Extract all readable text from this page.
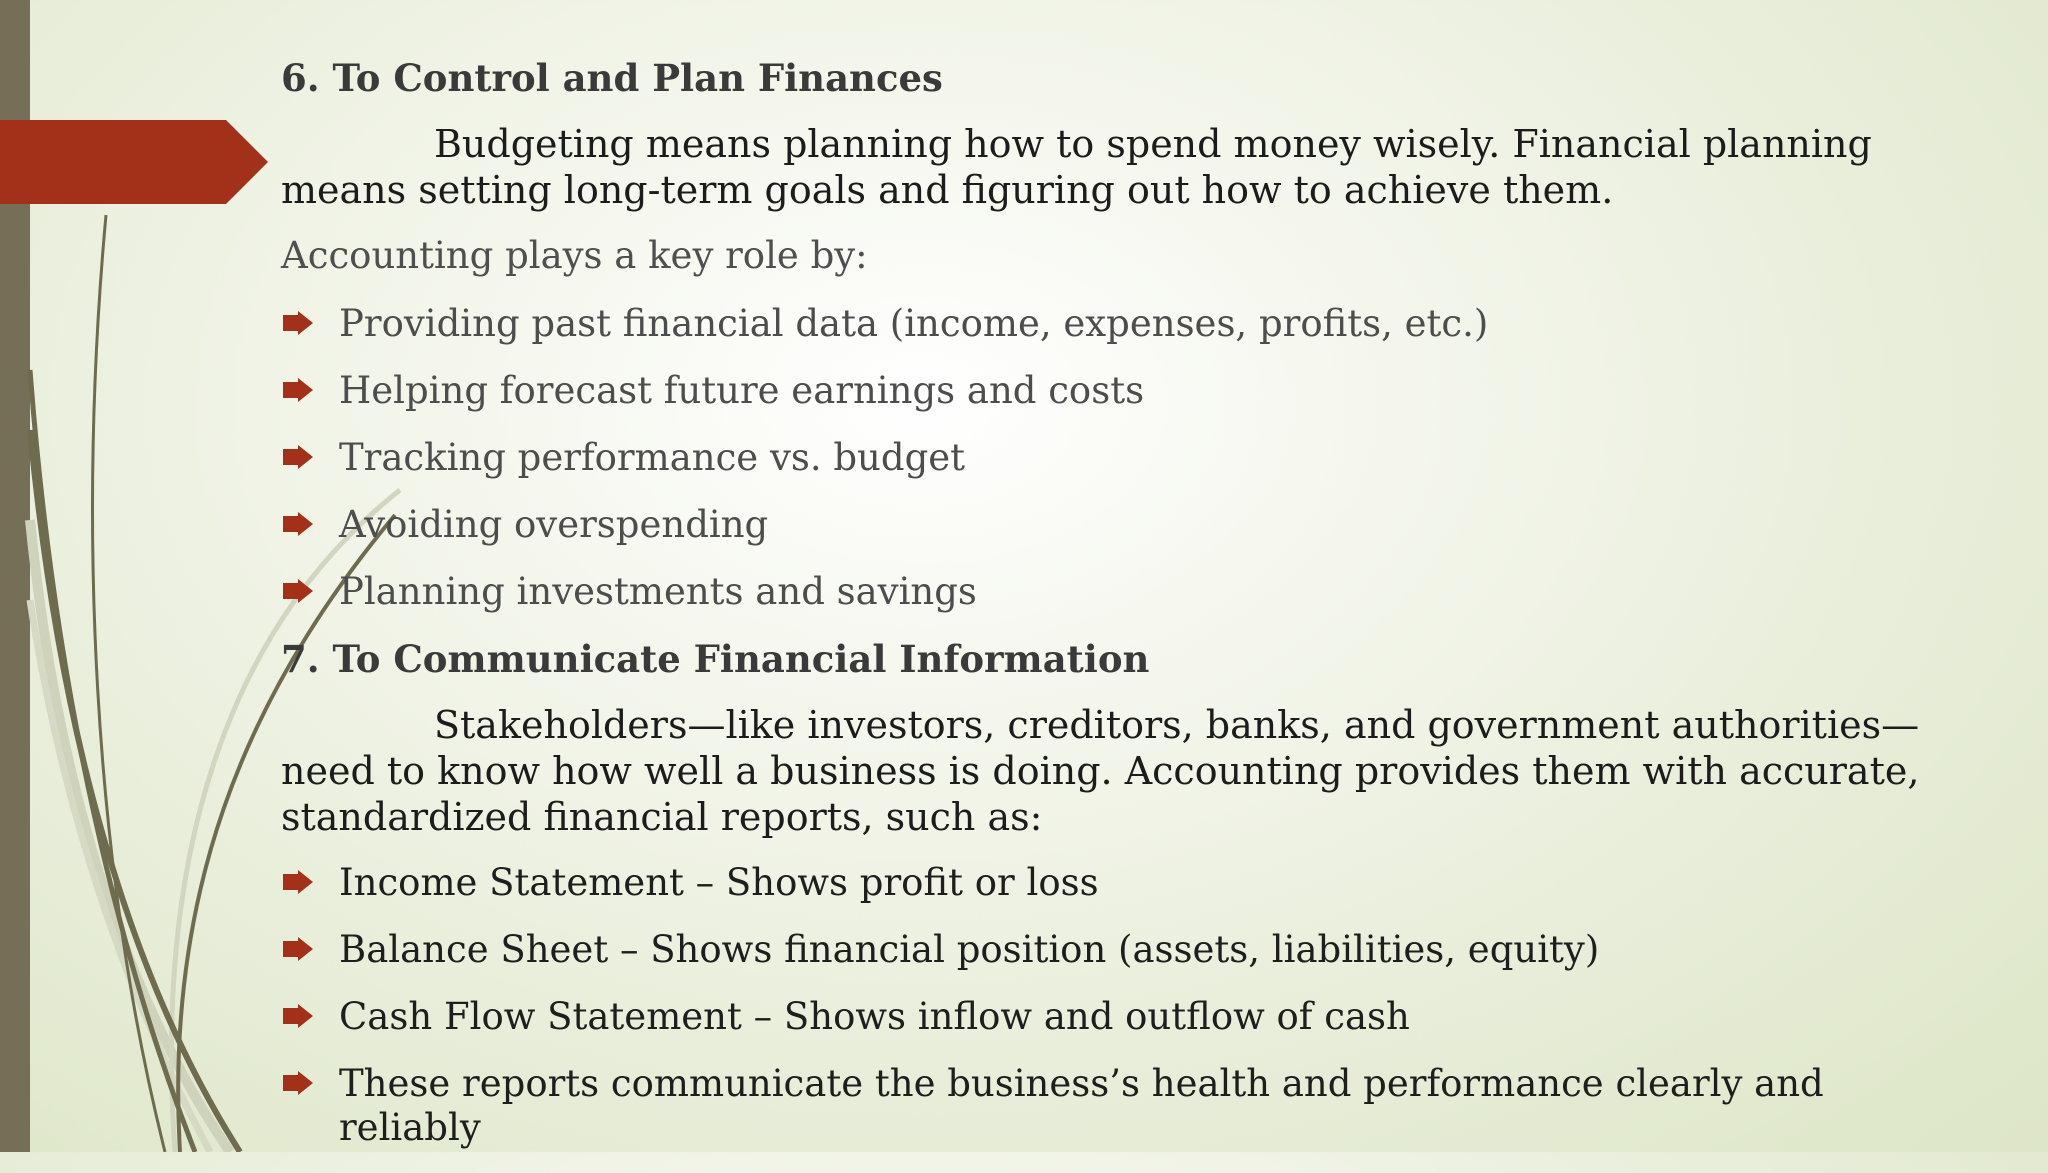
6. To Control and Plan Finances
Budgeting means planning how to spend money wisely. Financial planning means setting long-term goals and figuring out how to achieve them.
Accounting plays a key role by:
Providing past financial data (income, expenses, profits, etc.)
Helping forecast future earnings and costs
Tracking performance vs. budget
Avoiding overspending
Planning investments and savings
7. To Communicate Financial Information
Stakeholders—like investors, creditors, banks, and government authorities—need to know how well a business is doing. Accounting provides them with accurate, standardized financial reports, such as:
Income Statement – Shows profit or loss
Balance Sheet – Shows financial position (assets, liabilities, equity)
Cash Flow Statement – Shows inflow and outflow of cash
These reports communicate the business’s health and performance clearly and reliably
